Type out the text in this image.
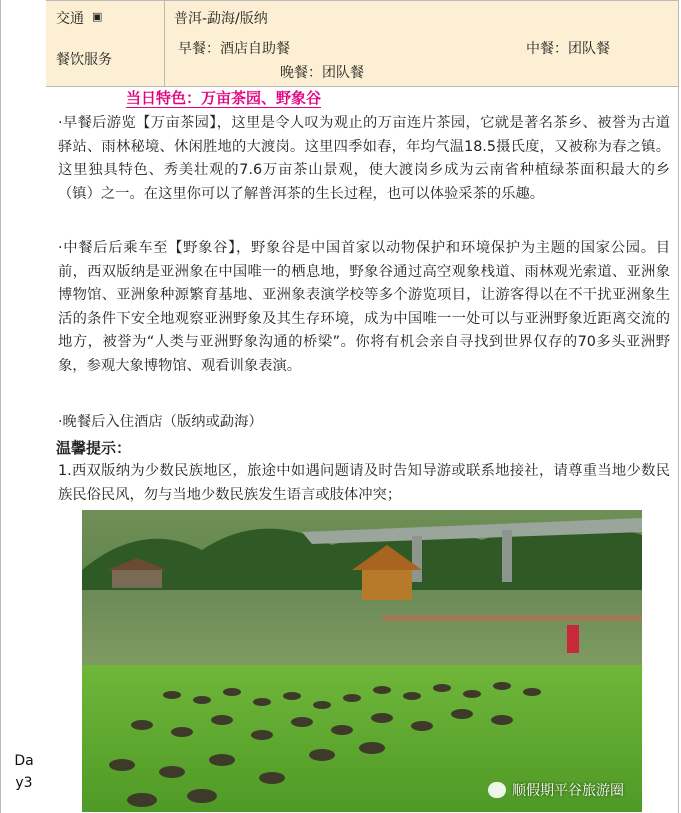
Da
y3
交通 ▣	普洱-勐海/版纳
餐饮服务
早餐：酒店自助餐	中餐：团队餐
晚餐：团队餐
当日特色：万亩茶园、野象谷
·早餐后游览【万亩茶园】，这里是令人叹为观止的万亩连片茶园，它就是著名茶乡、被誉为古道驿站、雨林秘境、休闲胜地的大渡岗。这里四季如春，年均气温18.5摄氏度，又被称为春之镇。这里独具特色、秀美壮观的7.6万亩茶山景观，使大渡岗乡成为云南省种植绿茶面积最大的乡（镇）之一。在这里你可以了解普洱茶的生长过程，也可以体验采茶的乐趣。
·中餐后后乘车至【野象谷】，野象谷是中国首家以动物保护和环境保护为主题的国家公园。目前，西双版纳是亚洲象在中国唯一的栖息地，野象谷通过高空观象栈道、雨林观光索道、亚洲象博物馆、亚洲象种源繁育基地、亚洲象表演学校等多个游览项目，让游客得以在不干扰亚洲象生活的条件下安全地观察亚洲野象及其生存环境，成为中国唯一一处可以与亚洲野象近距离交流的地方，被誉为“人类与亚洲野象沟通的桥梁”。你将有机会亲自寻找到世界仅存的70多头亚洲野象，参观大象博物馆、观看训象表演。
·晚餐后入住酒店（版纳或勐海）
温馨提示：
1.西双版纳为少数民族地区，旅途中如遇问题请及时告知导游或联系地接社，请尊重当地少数民族民俗民风，勿与当地少数民族发生语言或肢体冲突；
顺假期平谷旅游圈
